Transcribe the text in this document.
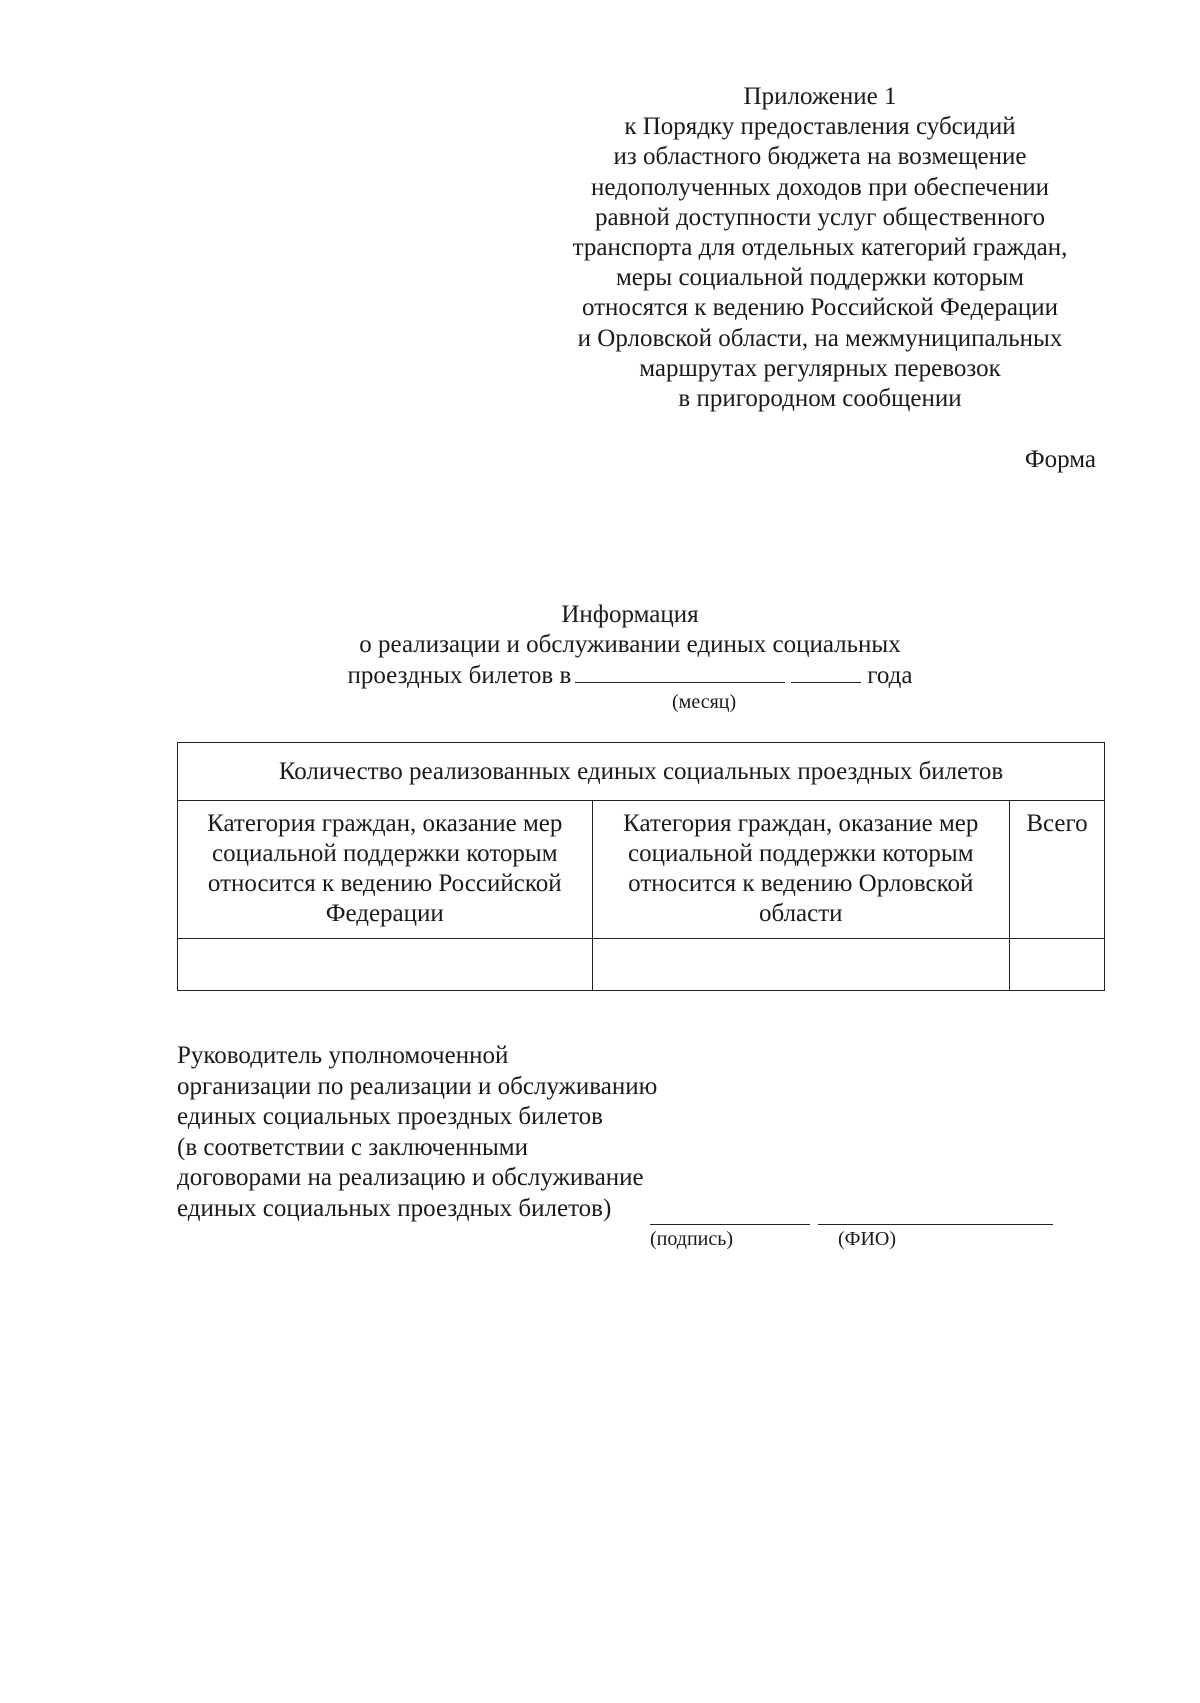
Приложение 1
к Порядку предоставления субсидий
из областного бюджета на возмещение
недополученных доходов при обеспечении
равной доступности услуг общественного
транспорта для отдельных категорий граждан,
меры социальной поддержки которым
относятся к ведению Российской Федерации
и Орловской области, на межмуниципальных
маршрутах регулярных перевозок
в пригородном сообщении
Форма
Информация
о реализации и обслуживании единых социальных
проездных билетов в	года
(месяц)
Количество реализованных единых социальных проездных билетов		
Категория граждан, оказание мер социальной поддержки которым относится к ведению Российской Федерации	Категория граждан, оказание мер социальной поддержки которым относится к ведению Орловской области	Всего

Руководитель уполномоченной
организации по реализации и обслуживанию
единых социальных проездных билетов
(в соответствии с заключенными
договорами на реализацию и обслуживание
единых социальных проездных билетов)
(подпись)	(ФИО)
